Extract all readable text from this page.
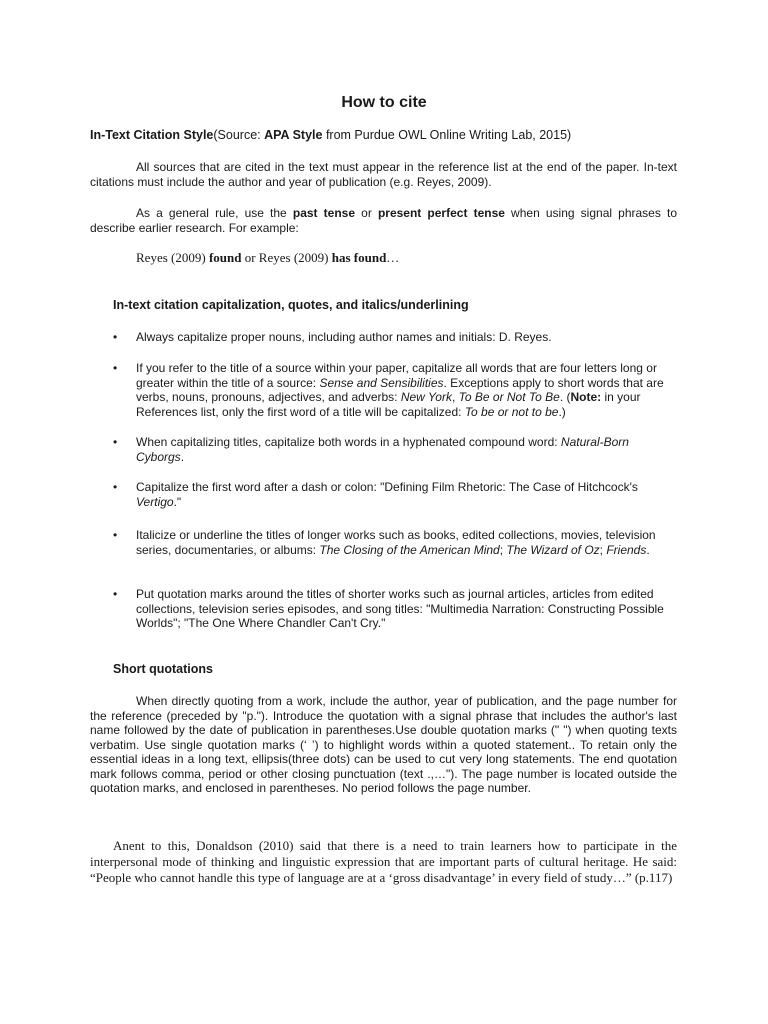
How to cite
In-Text Citation Style(Source: APA Style from Purdue OWL Online Writing Lab, 2015)
All sources that are cited in the text must appear in the reference list at the end of the paper. In-text citations must include the author and year of publication (e.g. Reyes, 2009).
As a general rule, use the past tense or present perfect tense when using signal phrases to describe earlier research. For example:
Reyes (2009) found or Reyes (2009) has found…
In-text citation capitalization, quotes, and italics/underlining
•	Always capitalize proper nouns, including author names and initials: D. Reyes.
•	If you refer to the title of a source within your paper, capitalize all words that are four letters long or greater within the title of a source: Sense and Sensibilities. Exceptions apply to short words that are verbs, nouns, pronouns, adjectives, and adverbs: New York, To Be or Not To Be. (Note: in your References list, only the first word of a title will be capitalized: To be or not to be.)
•	When capitalizing titles, capitalize both words in a hyphenated compound word: Natural-Born Cyborgs.
•	Capitalize the first word after a dash or colon: "Defining Film Rhetoric: The Case of Hitchcock's Vertigo."
•	Italicize or underline the titles of longer works such as books, edited collections, movies, television series, documentaries, or albums: The Closing of the American Mind; The Wizard of Oz; Friends.
•	Put quotation marks around the titles of shorter works such as journal articles, articles from edited collections, television series episodes, and song titles: "Multimedia Narration: Constructing Possible Worlds"; "The One Where Chandler Can't Cry."
Short quotations
When directly quoting from a work, include the author, year of publication, and the page number for the reference (preceded by "p."). Introduce the quotation with a signal phrase that includes the author's last name followed by the date of publication in parentheses.Use double quotation marks (" ") when quoting texts verbatim. Use single quotation marks (‘ ’) to highlight words within a quoted statement.. To retain only the essential ideas in a long text, ellipsis(three dots) can be used to cut very long statements. The end quotation mark follows comma, period or other closing punctuation (text .,…"). The page number is located outside the quotation marks, and enclosed in parentheses. No period follows the page number.
Anent to this, Donaldson (2010) said that there is a need to train learners how to participate in the interpersonal mode of thinking and linguistic expression that are important parts of cultural heritage. He said: “People who cannot handle this type of language are at a ‘gross disadvantage’ in every field of study…” (p.117)
